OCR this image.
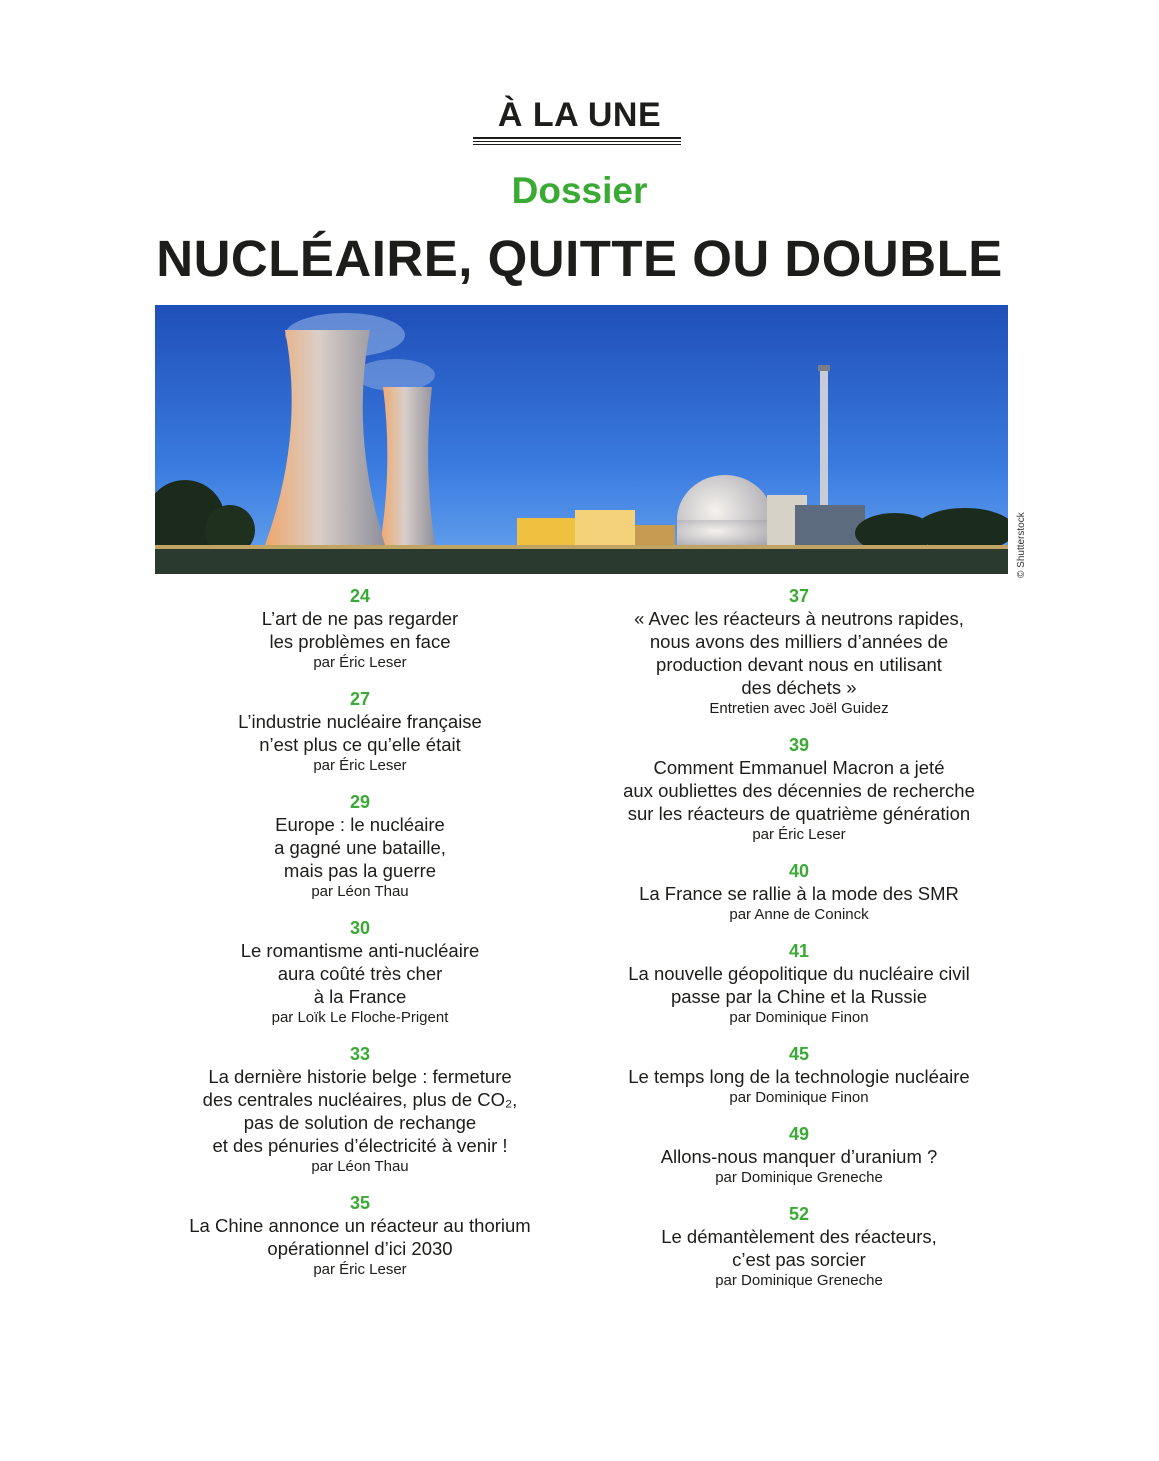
À LA UNE
Dossier
NUCLÉAIRE, QUITTE OU DOUBLE
© Shutterstock
24
L’art de ne pas regarder
les problèmes en face
par Éric Leser
27
L’industrie nucléaire française
n’est plus ce qu’elle était
par Éric Leser
29
Europe : le nucléaire
a gagné une bataille,
mais pas la guerre
par Léon Thau
30
Le romantisme anti-nucléaire
aura coûté très cher
à la France
par Loïk Le Floche-Prigent
33
La dernière historie belge : fermeture
des centrales nucléaires, plus de CO₂,
pas de solution de rechange
et des pénuries d’électricité à venir !
par Léon Thau
35
La Chine annonce un réacteur au thorium
opérationnel d’ici 2030
par Éric Leser
37
« Avec les réacteurs à neutrons rapides,
nous avons des milliers d’années de
production devant nous en utilisant
des déchets »
Entretien avec Joël Guidez
39
Comment Emmanuel Macron a jeté
aux oubliettes des décennies de recherche
sur les réacteurs de quatrième génération
par Éric Leser
40
La France se rallie à la mode des SMR
par Anne de Coninck
41
La nouvelle géopolitique du nucléaire civil
passe par la Chine et la Russie
par Dominique Finon
45
Le temps long de la technologie nucléaire
par Dominique Finon
49
Allons-nous manquer d’uranium ?
par Dominique Greneche
52
Le démantèlement des réacteurs,
c’est pas sorcier
par Dominique Greneche
